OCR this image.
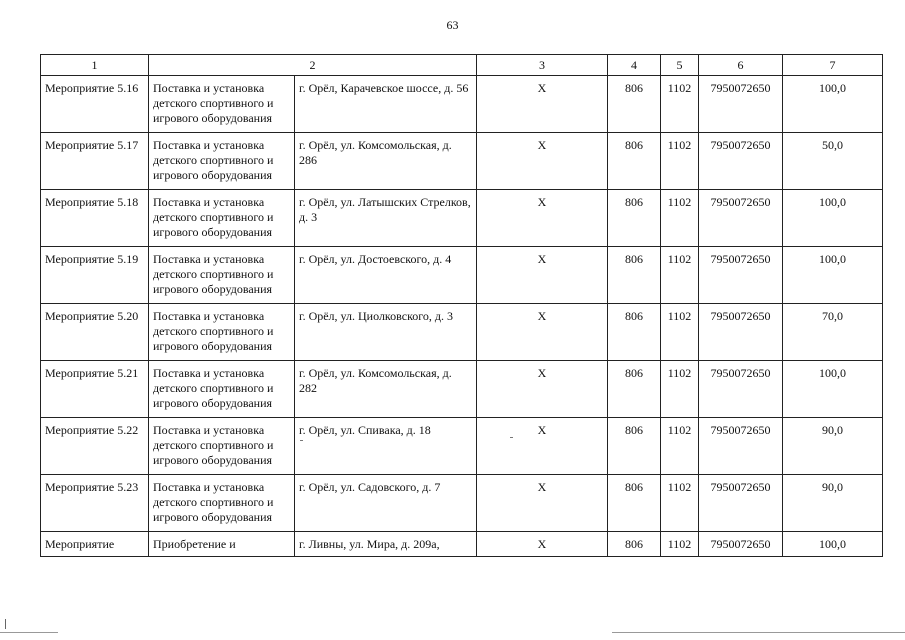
63
1	2		3	4	5	6	7
Мероприятие 5.16	Поставка и установка детского спортивного и игрового оборудования	г. Орёл, Карачевское шоссе, д. 56	Х	806	1102	7950072650	100,0
Мероприятие 5.17	Поставка и установка детского спортивного и игрового оборудования	г. Орёл, ул. Комсомольская, д. 286	Х	806	1102	7950072650	50,0
Мероприятие 5.18	Поставка и установка детского спортивного и игрового оборудования	г. Орёл, ул. Латышских Стрелков, д. 3	Х	806	1102	7950072650	100,0
Мероприятие 5.19	Поставка и установка детского спортивного и игрового оборудования	г. Орёл, ул. Достоевского, д. 4	Х	806	1102	7950072650	100,0
Мероприятие 5.20	Поставка и установка детского спортивного и игрового оборудования	г. Орёл, ул. Циолковского, д. 3	Х	806	1102	7950072650	70,0
Мероприятие 5.21	Поставка и установка детского спортивного и игрового оборудования	г. Орёл, ул. Комсомольская, д. 282	Х	806	1102	7950072650	100,0
Мероприятие 5.22	Поставка и установка детского спортивного и игрового оборудования	г. Орёл, ул. Спивака, д. 18	Х	806	1102	7950072650	90,0
Мероприятие 5.23	Поставка и установка детского спортивного и игрового оборудования	г. Орёл, ул. Садовского, д. 7	Х	806	1102	7950072650	90,0
Мероприятие	Приобретение и	г. Ливны, ул. Мира, д. 209а,	Х	806	1102	7950072650	100,0
